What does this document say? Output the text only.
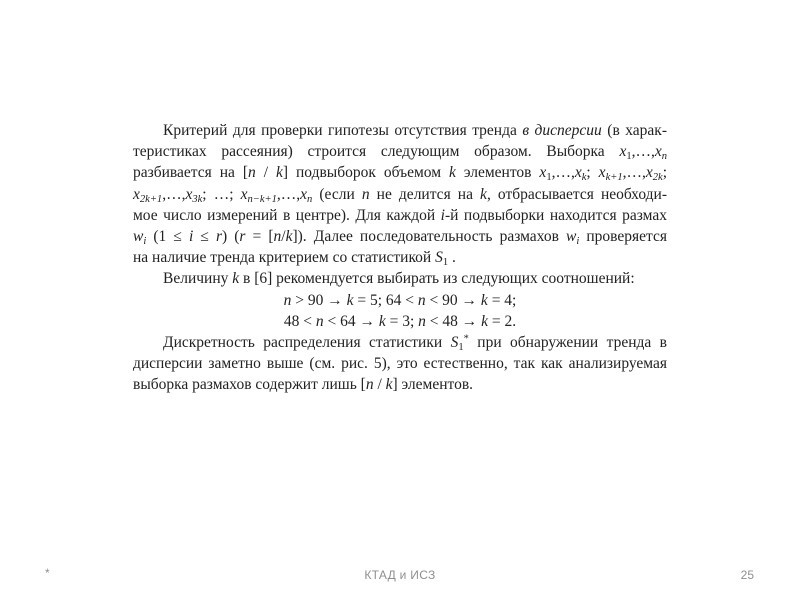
Критерий для проверки гипотезы отсутствия тренда в дисперсии (в харак-
теристиках рассеяния) строится следующим образом. Выборка $x_1,\dots,x_n$
разбивается на [n / k] подвыборок объемом k элементов $x_1,\dots,x_k$; $x_{k+1},\dots,x_{2k}$;
$x_{2k+1},\dots,x_{3k}$; …; $x_{n-k+1},\dots,x_n$ (если n не делится на k, отбрасывается необходи-
мое число измерений в центре). Для каждой i-й подвыборки находится размах
$w_i$ (1 ≤ i ≤ r) (r = [n/k]). Далее последовательность размахов $w_i$ проверяется
на наличие тренда критерием со статистикой $S_1$ .
Величину k в [6] рекомендуется выбирать из следующих соотношений:
n > 90 → k = 5; 64 < n < 90 → k = 4;
48 < n < 64 → k = 3; n < 48 → k = 2.
Дискретность распределения статистики $S_1^*$ при обнаружении тренда в
дисперсии заметно выше (см. рис. 5), это естественно, так как анализируемая
выборка размахов содержит лишь [n / k] элементов.
*	КТАД и ИСЗ	25
